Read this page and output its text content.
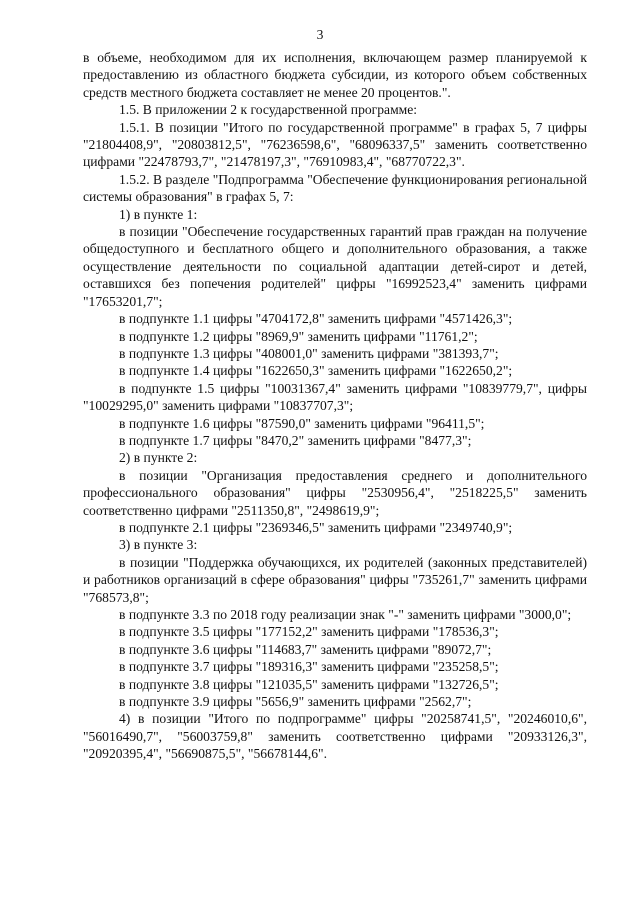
3

в объеме, необходимом для их исполнения, включающем размер планируемой к предоставлению из областного бюджета субсидии, из которого объем собственных средств местного бюджета составляет не менее 20 процентов.".

1.5. В приложении 2 к государственной программе:

1.5.1. В позиции "Итого по государственной программе" в графах 5, 7 цифры "21804408,9", "20803812,5", "76236598,6", "68096337,5" заменить соответственно цифрами "22478793,7", "21478197,3", "76910983,4", "68770722,3".

1.5.2. В разделе "Подпрограмма "Обеспечение функционирования региональной системы образования" в графах 5, 7:

1) в пункте 1:

в позиции "Обеспечение государственных гарантий прав граждан на получение общедоступного и бесплатного общего и дополнительного образования, а также осуществление деятельности по социальной адаптации детей-сирот и детей, оставшихся без попечения родителей" цифры "16992523,4" заменить цифрами "17653201,7";

в подпункте 1.1 цифры "4704172,8" заменить цифрами "4571426,3";

в подпункте 1.2 цифры "8969,9" заменить цифрами "11761,2";

в подпункте 1.3 цифры "408001,0" заменить цифрами "381393,7";

в подпункте 1.4 цифры "1622650,3" заменить цифрами "1622650,2";

в подпункте 1.5 цифры "10031367,4" заменить цифрами "10839779,7", цифры "10029295,0" заменить цифрами "10837707,3";

в подпункте 1.6 цифры "87590,0" заменить цифрами "96411,5";

в подпункте 1.7 цифры "8470,2" заменить цифрами "8477,3";

2) в пункте 2:

в позиции "Организация предоставления среднего и дополнительного профессионального образования" цифры "2530956,4", "2518225,5" заменить соответственно цифрами "2511350,8", "2498619,9";

в подпункте 2.1 цифры "2369346,5" заменить цифрами "2349740,9";

3) в пункте 3:

в позиции "Поддержка обучающихся, их родителей (законных представителей) и работников организаций в сфере образования" цифры "735261,7" заменить цифрами "768573,8";

в подпункте 3.3 по 2018 году реализации знак "-" заменить цифрами "3000,0";

в подпункте 3.5 цифры "177152,2" заменить цифрами "178536,3";

в подпункте 3.6 цифры "114683,7" заменить цифрами "89072,7";

в подпункте 3.7 цифры "189316,3" заменить цифрами "235258,5";

в подпункте 3.8 цифры "121035,5" заменить цифрами "132726,5";

в подпункте 3.9 цифры "5656,9" заменить цифрами "2562,7";

4) в позиции "Итого по подпрограмме" цифры "20258741,5", "20246010,6", "56016490,7", "56003759,8" заменить соответственно цифрами "20933126,3", "20920395,4", "56690875,5", "56678144,6".
